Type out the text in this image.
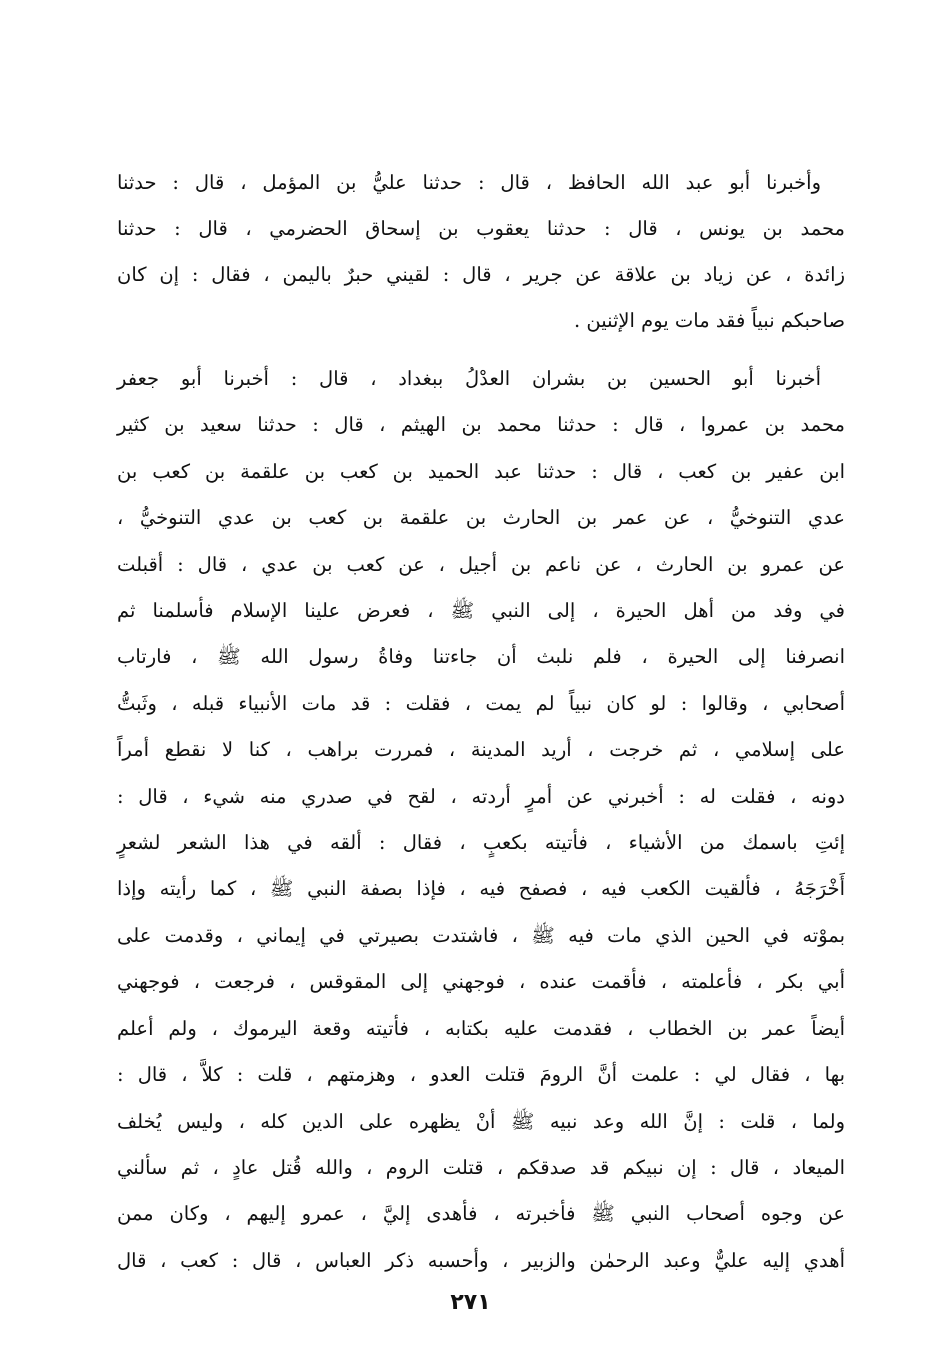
وأخبرنا أبو عبد الله الحافظ ، قال : حدثنا عليُّ بن المؤمل ، قال : حدثنا
محمد بن يونس ، قال : حدثنا يعقوب بن إسحاق الحضرمي ، قال : حدثنا
زائدة ، عن زياد بن علاقة عن جرير ، قال : لقيني حبرٌ باليمن ، فقال : إن كان
صاحبكم نبياً فقد مات يوم الإثنين .
أخبرنا أبو الحسين بن بشران العدْلُ ببغداد ، قال : أخبرنا أبو جعفر
محمد بن عمروا ، قال : حدثنا محمد بن الهيثم ، قال : حدثنا سعيد بن كثير
ابن عفير بن كعب ، قال : حدثنا عبد الحميد بن كعب بن علقمة بن كعب بن
عدي التنوخيُّ ، عن عمر بن الحارث بن علقمة بن كعب بن عدي التنوخيُّ ،
عن عمرو بن الحارث ، عن ناعم بن أجيل ، عن كعب بن عدي ، قال : أقبلت
في وفد من أهل الحيرة ، إلى النبي ﷺ ، فعرض علينا الإسلام فأسلمنا ثم
انصرفنا إلى الحيرة ، فلم نلبث أن جاءتنا وفاةُ رسول الله ﷺ ، فارتاب
أصحابي ، وقالوا : لو كان نبياً لم يمت ، فقلت : قد مات الأنبياء قبله ، وثَبتُّ
على إسلامي ، ثم خرجت ، أريد المدينة ، فمررت براهب ، كنا لا نقطع أمراً
دونه ، فقلت له : أخبرني عن أمرٍ أردته ، لقح في صدري منه شيء ، قال :
إئتِ باسمك من الأشياء ، فأتيته بكعبٍ ، فقال : ألقه في هذا الشعر لشعرٍ
أَخْرَجَهُ ، فألقيت الكعب فيه ، فصفح فيه ، فإذا بصفة النبي ﷺ ، كما رأيته وإذا
بموْته في الحين الذي مات فيه ﷺ ، فاشتدت بصيرتي في إيماني ، وقدمت على
أبي بكر ، فأعلمته ، فأقمت عنده ، فوجهني إلى المقوقس ، فرجعت ، فوجهني
أيضاً عمر بن الخطاب ، فقدمت عليه بكتابه ، فأتيته وقعة اليرموك ، ولم أعلم
بها ، فقال لي : علمت أنَّ الرومَ قتلت العدو ، وهزمتهم ، قلت : كلاَّ ، قال :
ولما ، قلت : إنَّ الله وعد نبيه ﷺ أنْ يظهره على الدين كله ، وليس يُخلف
الميعاد ، قال : إن نبيكم قد صدقكم ، قتلت الروم ، والله قُتل عادٍ ، ثم سألني
عن وجوه أصحاب النبي ﷺ فأخبرته ، فأهدى إليَّ ، عمرو إليهم ، وكان ممن
أهدي إليه عليٌّ وعبد الرحمٰن والزبير ، وأحسبه ذكر العباس ، قال : كعب ، قال
٢٧١
